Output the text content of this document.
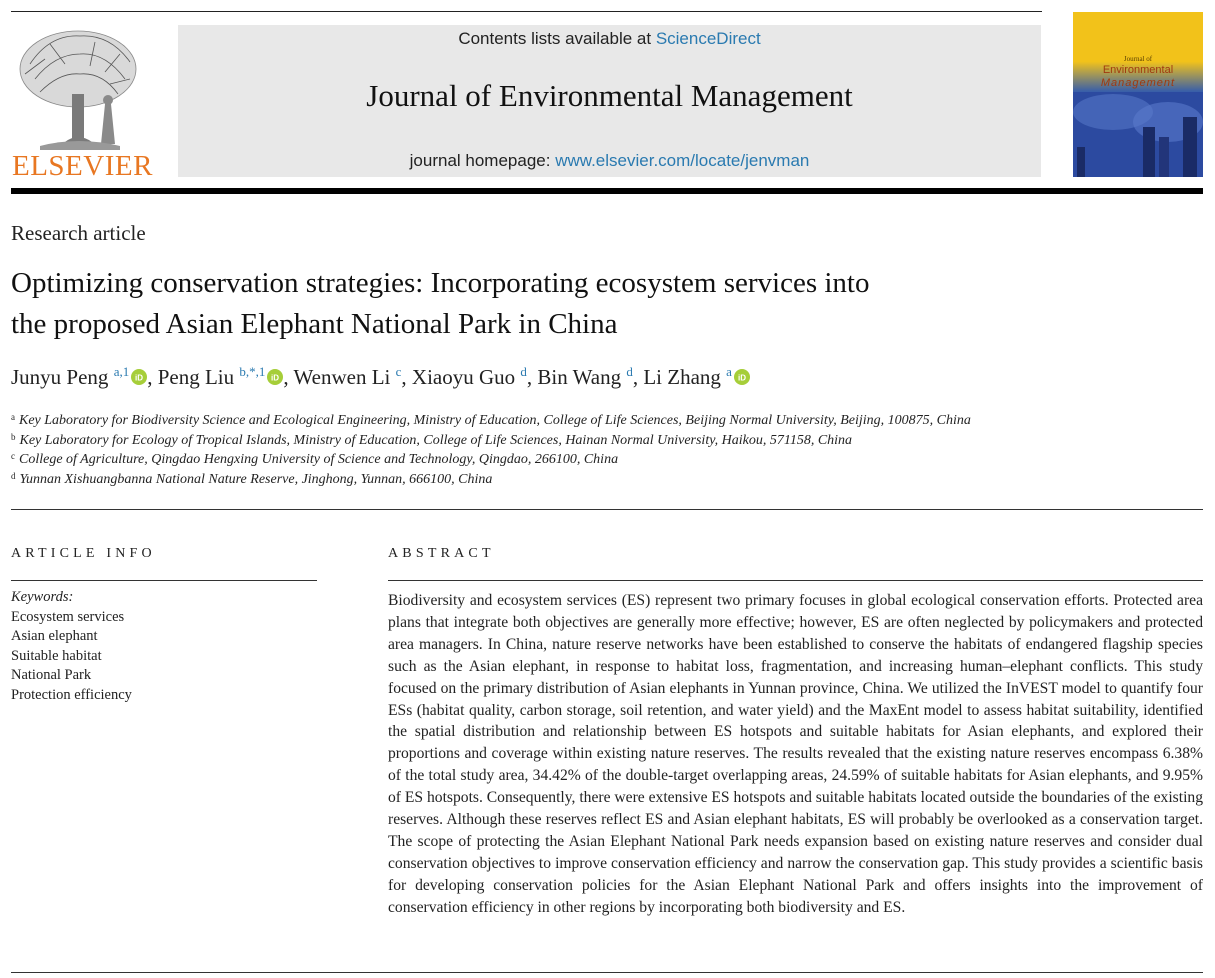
ELSEVIER
Contents lists available at ScienceDirect
Journal of Environmental Management
journal homepage: www.elsevier.com/locate/jenvman
Journal of
Environmental
Management
Research article
Optimizing conservation strategies: Incorporating ecosystem services into
the proposed Asian Elephant National Park in China
Junyu Peng $^{a,1}$ iD , Peng Liu $^{b,*,1}$ iD , Wenwen Li $^c$, Xiaoyu Guo $^d$, Bin Wang $^d$, Li Zhang $^a$ iD
$^a$ Key Laboratory for Biodiversity Science and Ecological Engineering, Ministry of Education, College of Life Sciences, Beijing Normal University, Beijing, 100875, China
$^b$ Key Laboratory for Ecology of Tropical Islands, Ministry of Education, College of Life Sciences, Hainan Normal University, Haikou, 571158, China
$^c$ College of Agriculture, Qingdao Hengxing University of Science and Technology, Qingdao, 266100, China
$^d$ Yunnan Xishuangbanna National Nature Reserve, Jinghong, Yunnan, 666100, China
ARTICLE INFO
Keywords:
Ecosystem services
Asian elephant
Suitable habitat
National Park
Protection efficiency
ABSTRACT
Biodiversity and ecosystem services (ES) represent two primary focuses in global ecological conservation efforts. Protected area plans that integrate both objectives are generally more effective; however, ES are often neglected by policymakers and protected area managers. In China, nature reserve networks have been established to conserve the habitats of endangered flagship species such as the Asian elephant, in response to habitat loss, fragmentation, and increasing human–elephant conflicts. This study focused on the primary distribution of Asian elephants in Yunnan province, China. We utilized the InVEST model to quantify four ESs (habitat quality, carbon storage, soil retention, and water yield) and the MaxEnt model to assess habitat suitability, identified the spatial distribution and relationship between ES hotspots and suitable habitats for Asian elephants, and explored their proportions and coverage within existing nature reserves. The results revealed that the existing nature reserves encompass 6.38% of the total study area, 34.42% of the double-target overlapping areas, 24.59% of suitable habitats for Asian elephants, and 9.95% of ES hotspots. Consequently, there were extensive ES hotspots and suitable habitats located outside the boundaries of the existing reserves. Although these reserves reflect ES and Asian elephant habitats, ES will probably be overlooked as a conservation target. The scope of protecting the Asian Elephant National Park needs expansion based on existing nature reserves and consider dual conservation objectives to improve conservation efficiency and narrow the conservation gap. This study provides a scientific basis for developing conservation policies for the Asian Elephant National Park and offers insights into the improvement of conservation efficiency in other regions by incorporating both biodiversity and ES.
